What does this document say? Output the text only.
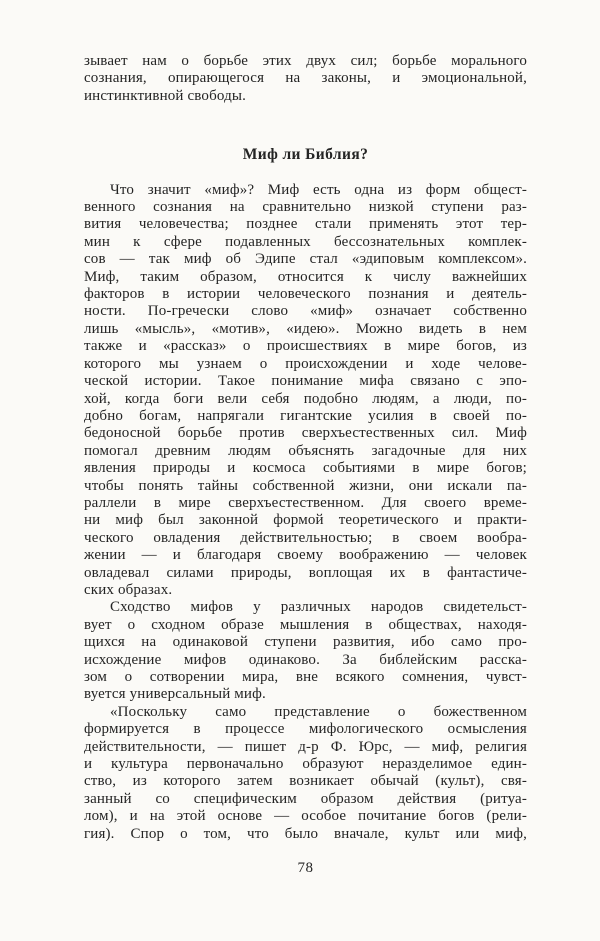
зывает нам о борьбе этих двух сил; борьбе морального
сознания, опирающегося на законы, и эмоциональной,
инстинктивной свободы.
Миф ли Библия?
Что значит «миф»? Миф есть одна из форм общест-
венного сознания на сравнительно низкой ступени раз-
вития человечества; позднее стали применять этот тер-
мин к сфере подавленных бессознательных комплек-
сов — так миф об Эдипе стал «эдиповым комплексом».
Миф, таким образом, относится к числу важнейших
факторов в истории человеческого познания и деятель-
ности. По-гречески слово «миф» означает собственно
лишь «мысль», «мотив», «идею». Можно видеть в нем
также и «рассказ» о происшествиях в мире богов, из
которого мы узнаем о происхождении и ходе челове-
ческой истории. Такое понимание мифа связано с эпо-
хой, когда боги вели себя подобно людям, а люди, по-
добно богам, напрягали гигантские усилия в своей по-
бедоносной борьбе против сверхъестественных сил. Миф
помогал древним людям объяснять загадочные для них
явления природы и космоса событиями в мире богов;
чтобы понять тайны собственной жизни, они искали па-
раллели в мире сверхъестественном. Для своего време-
ни миф был законной формой теоретического и практи-
ческого овладения действительностью; в своем вообра-
жении — и благодаря своему воображению — человек
овладевал силами природы, воплощая их в фантастиче-
ских образах.
Сходство мифов у различных народов свидетельст-
вует о сходном образе мышления в обществах, находя-
щихся на одинаковой ступени развития, ибо само про-
исхождение мифов одинаково. За библейским расска-
зом о сотворении мира, вне всякого сомнения, чувст-
вуется универсальный миф.
«Поскольку само представление о божественном
формируется в процессе мифологического осмысления
действительности, — пишет д-р Ф. Юрс, — миф, религия
и культура первоначально образуют неразделимое един-
ство, из которого затем возникает обычай (культ), свя-
занный со специфическим образом действия (ритуа-
лом), и на этой основе — особое почитание богов (рели-
гия). Спор о том, что было вначале, культ или миф,
78
